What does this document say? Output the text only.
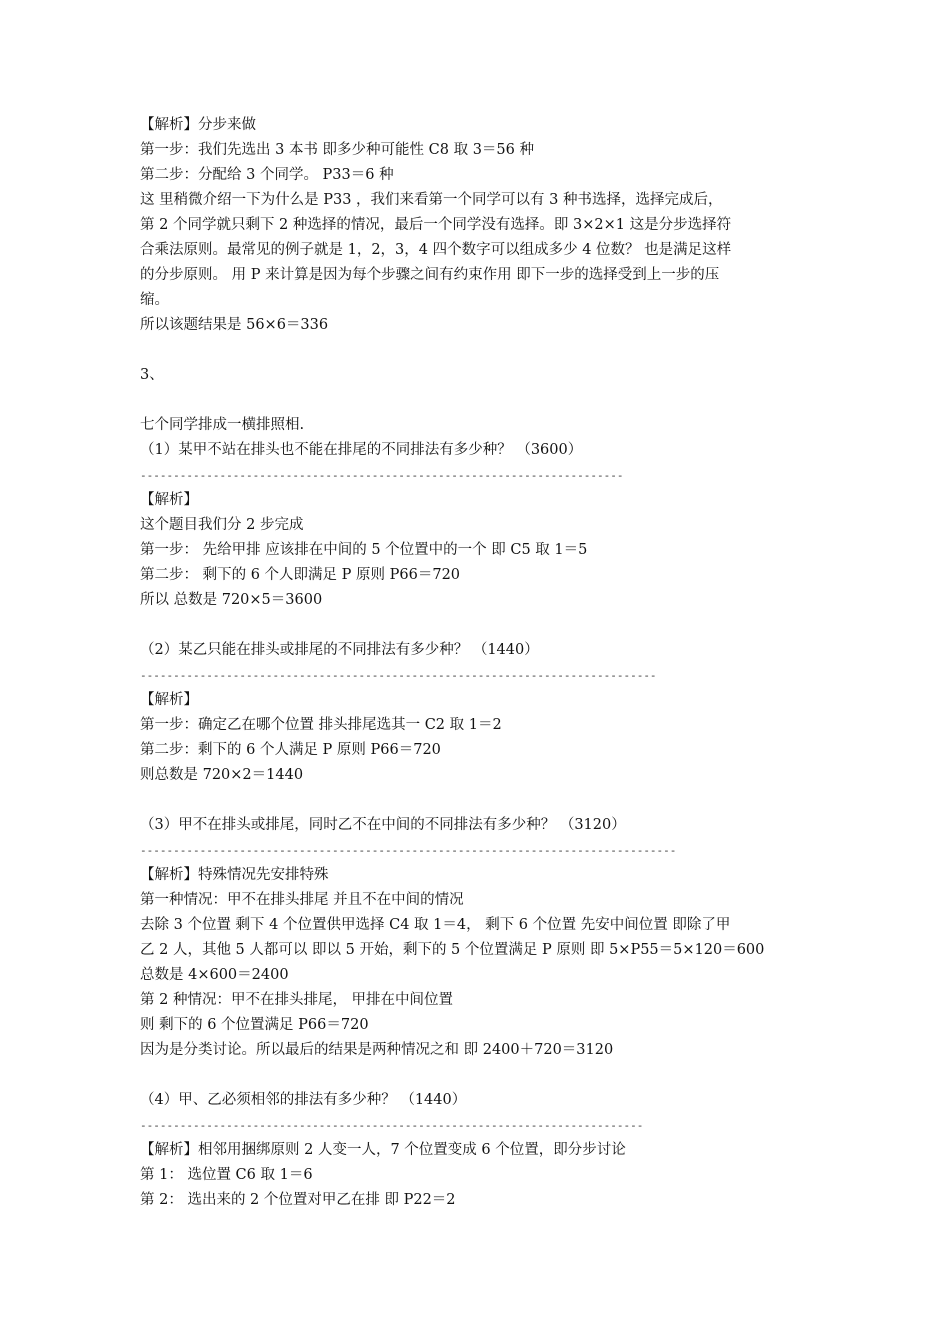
【解析】分步来做
第一步：我们先选出 3 本书 即多少种可能性 C8 取 3＝56 种
第二步：分配给 3 个同学。 P33＝6 种
这 里稍微介绍一下为什么是 P33 ，我们来看第一个同学可以有 3 种书选择，选择完成后，
第 2 个同学就只剩下 2 种选择的情况，最后一个同学没有选择。即 3×2×1 这是分步选择符
合乘法原则。最常见的例子就是 1，2，3，4 四个数字可以组成多少 4 位数？ 也是满足这样
的分步原则。 用 P 来计算是因为每个步骤之间有约束作用 即下一步的选择受到上一步的压
缩。
所以该题结果是 56×6＝336
3、
七个同学排成一横排照相.
（1）某甲不站在排头也不能在排尾的不同排法有多少种？ （3600）
-------------------------------------------------------------------------
【解析】
这个题目我们分 2 步完成
第一步： 先给甲排 应该排在中间的 5 个位置中的一个 即 C5 取 1＝5
第二步： 剩下的 6 个人即满足 P 原则 P66＝720
所以 总数是 720×5＝3600
（2）某乙只能在排头或排尾的不同排法有多少种？ （1440）
------------------------------------------------------------------------------
【解析】
第一步：确定乙在哪个位置 排头排尾选其一 C2 取 1＝2
第二步：剩下的 6 个人满足 P 原则 P66＝720
则总数是 720×2＝1440
（3）甲不在排头或排尾，同时乙不在中间的不同排法有多少种？ （3120）
---------------------------------------------------------------------------------
【解析】特殊情况先安排特殊
第一种情况：甲不在排头排尾 并且不在中间的情况
去除 3 个位置 剩下 4 个位置供甲选择 C4 取 1＝4， 剩下 6 个位置 先安中间位置 即除了甲
乙 2 人，其他 5 人都可以 即以 5 开始，剩下的 5 个位置满足 P 原则 即 5×P55＝5×120＝600
总数是 4×600＝2400
第 2 种情况：甲不在排头排尾， 甲排在中间位置
则 剩下的 6 个位置满足 P66＝720
因为是分类讨论。所以最后的结果是两种情况之和 即 2400＋720＝3120
（4）甲、乙必须相邻的排法有多少种？ （1440）
----------------------------------------------------------------------------
【解析】相邻用捆绑原则 2 人变一人，7 个位置变成 6 个位置，即分步讨论
第 1： 选位置 C6 取 1＝6
第 2： 选出来的 2 个位置对甲乙在排 即 P22＝2
